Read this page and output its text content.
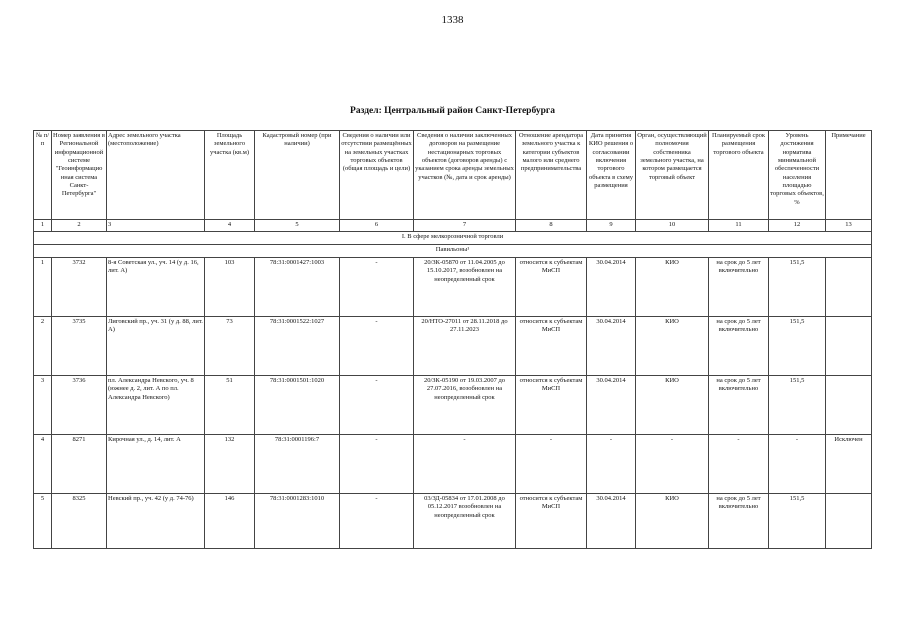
1338
Раздел: Центральный район Санкт-Петербурга
№ п/п	Номер заявления в Региональной информационной системе "Геоинформацио нная система Санкт-Петербурга"	Адрес земельного участка (местоположение)	Площадь земельного участка (кв.м)	Кадастровый номер (при наличии)	Сведения о наличии или отсутствии размещённых на земельных участках торговых объектов (общая площадь и цели)	Сведения о наличии заключенных договоров на размещение нестационарных торговых объектов (договоров аренды) с указанием срока аренды земельных участков (№, дата и срок аренды)	Отношение арендатора земельного участка к категории субъектов малого или среднего предпринимательства	Дата принятия КИО решения о согласовании включения торгового объекта в схему размещения	Орган, осуществляющий полномочия собственника земельного участка, на котором размещается торговый объект	Планируемый срок размещения торгового объекта	Уровень достижения норматива минимальной обеспеченности населения площадью торговых объектов, %	Примечание
1	2	3	4	5	6	7	8	9	10	11	12	13
I. В сфере мелкорозничной торговли												
Павильоны¹												
1	3732	8-я Советская ул., уч. 14 (у д. 16, лит. А)	103	78:31:0001427:1003	-	20/ЗК-05870 от 11.04.2005 до 15.10.2017, возобновлен на неопределенный срок	относится к субъектам МиСП	30.04.2014	КИО	на срок до 5 лет включительно	151,5	
2	3735	Лиговский пр., уч. 31 (у д. 88, лит. А)	73	78:31:0001522:1027	-	20/НТО-27011 от 28.11.2018 до 27.11.2023	относится к субъектам МиСП	30.04.2014	КИО	на срок до 5 лет включительно	151,5	
3	3736	пл. Александра Невского, уч. 8 (южнее д. 2, лит. А по пл. Александра Невского)	51	78:31:0001501:1020	-	20/ЗК-05190 от 19.03.2007 до 27.07.2016, возобновлен на неопределенный срок	относится к субъектам МиСП	30.04.2014	КИО	на срок до 5 лет включительно	151,5	
4	8271	Кирочная ул., д. 14, лит. А	132	78:31:0001196:7	-	-	-	-	-	-	-	Исключен
5	8325	Невский пр., уч. 42 (у д. 74-76)	146	78:31:0001283:1010	-	03/ЗД-05834 от 17.01.2008 до 05.12.2017 возобновлен на неопределенный срок	относится к субъектам МиСП	30.04.2014	КИО	на срок до 5 лет включительно	151,5	
